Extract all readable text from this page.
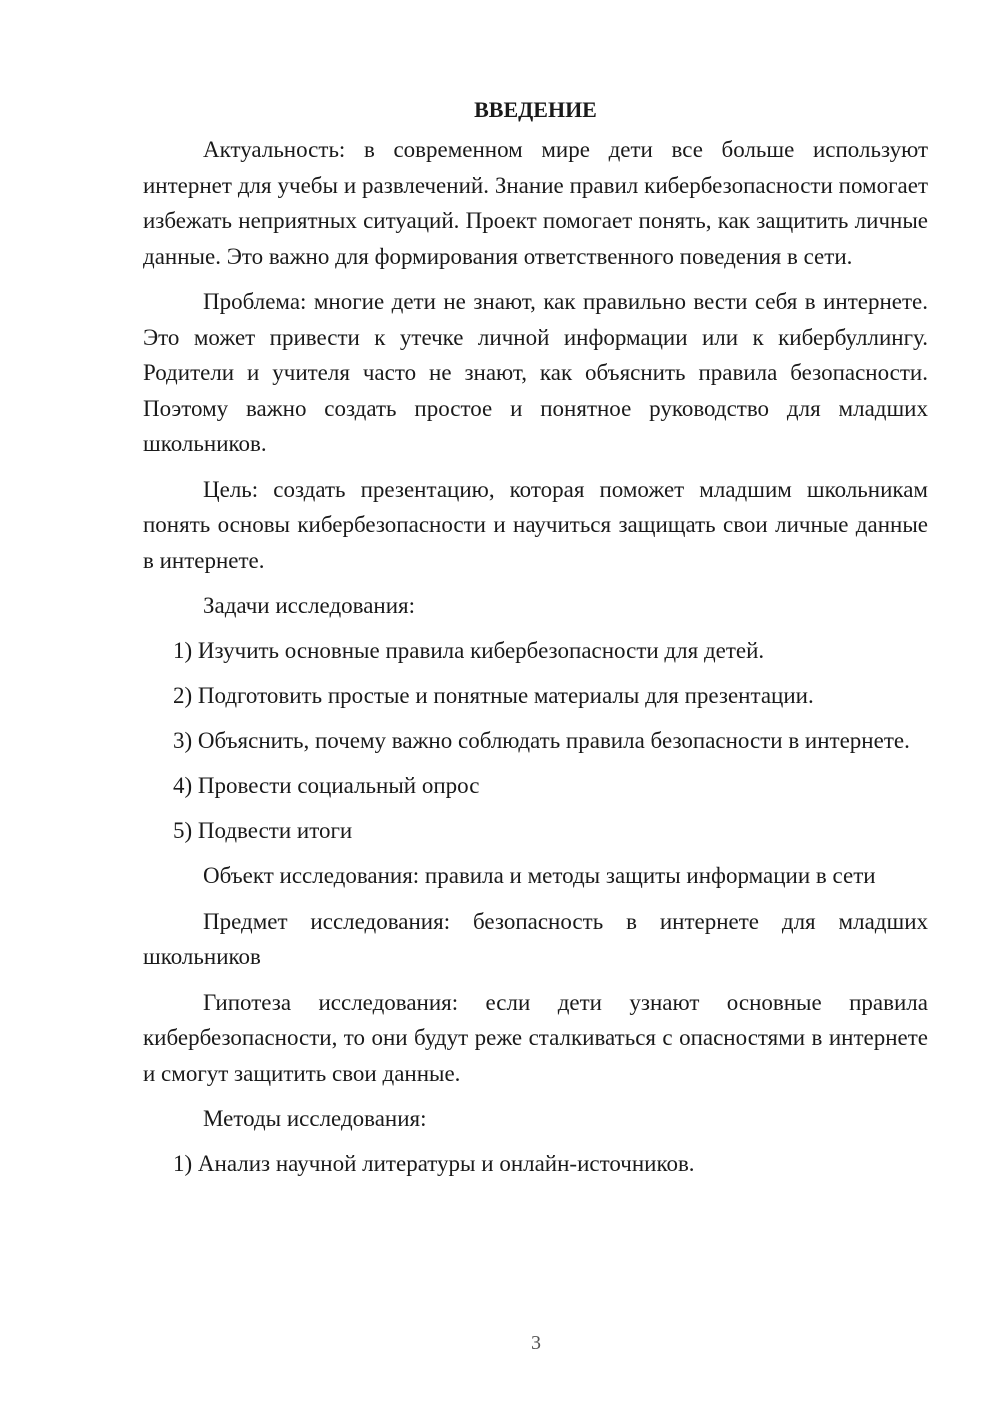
ВВЕДЕНИЕ

Актуальность: в современном мире дети все больше используют интернет для учебы и развлечений. Знание правил кибербезопасности помогает избежать неприятных ситуаций. Проект помогает понять, как защитить личные данные. Это важно для формирования ответственного поведения в сети.

Проблема: многие дети не знают, как правильно вести себя в интернете. Это может привести к утечке личной информации или к кибербуллингу. Родители и учителя часто не знают, как объяснить правила безопасности. Поэтому важно создать простое и понятное руководство для младших школьников.

Цель: создать презентацию, которая поможет младшим школьникам понять основы кибербезопасности и научиться защищать свои личные данные в интернете.

Задачи исследования:

1) Изучить основные правила кибербезопасности для детей.

2) Подготовить простые и понятные материалы для презентации.

3) Объяснить, почему важно соблюдать правила безопасности в интернете.

4) Провести социальный опрос

5) Подвести итоги

Объект исследования: правила и методы защиты информации в сети

Предмет исследования: безопасность в интернете для младших школьников

Гипотеза исследования: если дети узнают основные правила кибербезопасности, то они будут реже сталкиваться с опасностями в интернете и смогут защитить свои данные.

Методы исследования:

1) Анализ научной литературы и онлайн-источников.

3
